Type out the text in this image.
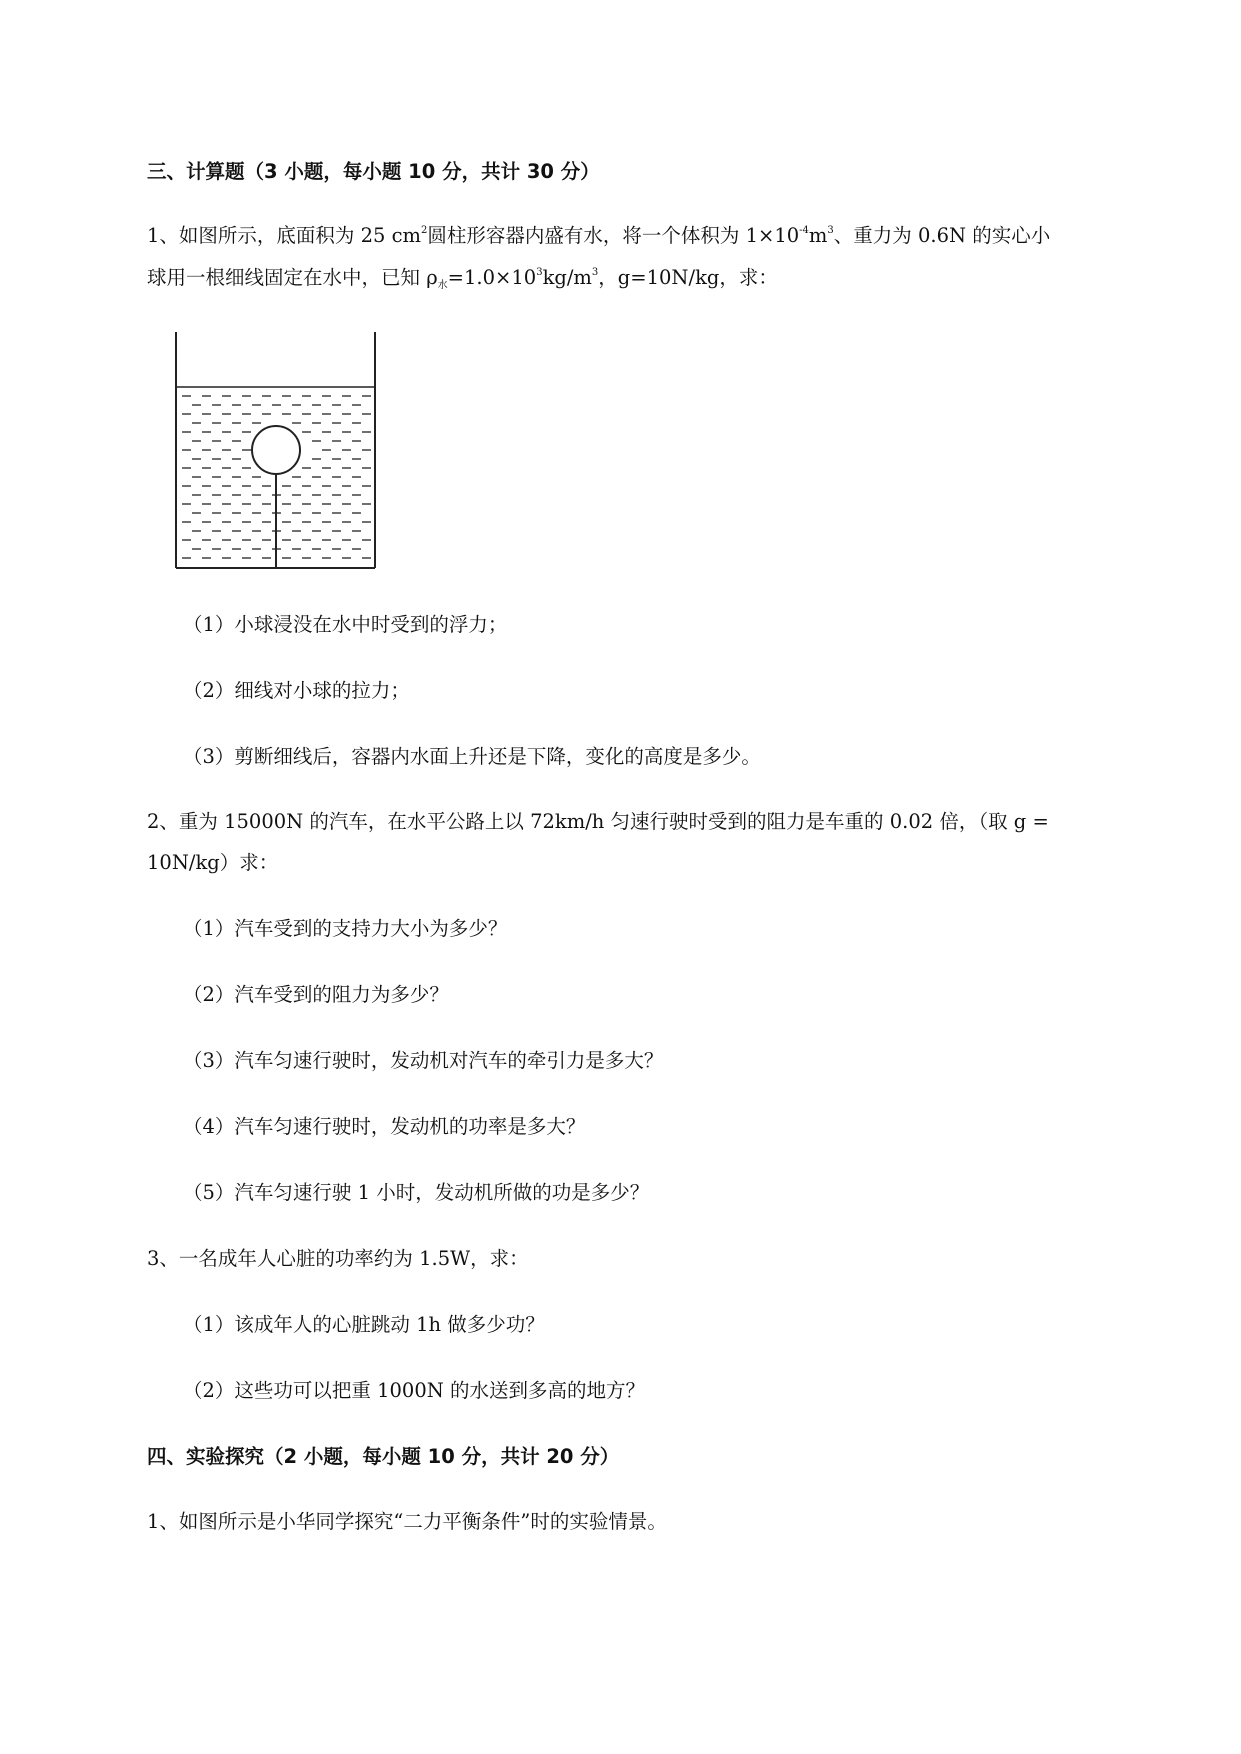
三、计算题（3 小题，每小题 10 分，共计 30 分）
1、如图所示，底面积为 25 $cm^2$圆柱形容器内盛有水，将一个体积为 $1\times 10^{-4}m^3$、重力为 0.6N 的实心小
球用一根细线固定在水中，已知 $\rho_水=1.0\times 10^3kg/m^3$，g=10N/kg，求：
（1）小球浸没在水中时受到的浮力；
（2）细线对小球的拉力；
（3）剪断细线后，容器内水面上升还是下降，变化的高度是多少。
2、重为 15000N 的汽车，在水平公路上以 72km/h 匀速行驶时受到的阻力是车重的 0.02 倍，（取 g =
10N/kg）求：
（1）汽车受到的支持力大小为多少？
（2）汽车受到的阻力为多少？
（3）汽车匀速行驶时，发动机对汽车的牵引力是多大？
（4）汽车匀速行驶时，发动机的功率是多大？
（5）汽车匀速行驶 1 小时，发动机所做的功是多少？
3、一名成年人心脏的功率约为 1.5W，求：
（1）该成年人的心脏跳动 1h 做多少功？
（2）这些功可以把重 1000N 的水送到多高的地方？
四、实验探究（2 小题，每小题 10 分，共计 20 分）
1、如图所示是小华同学探究“二力平衡条件”时的实验情景。
